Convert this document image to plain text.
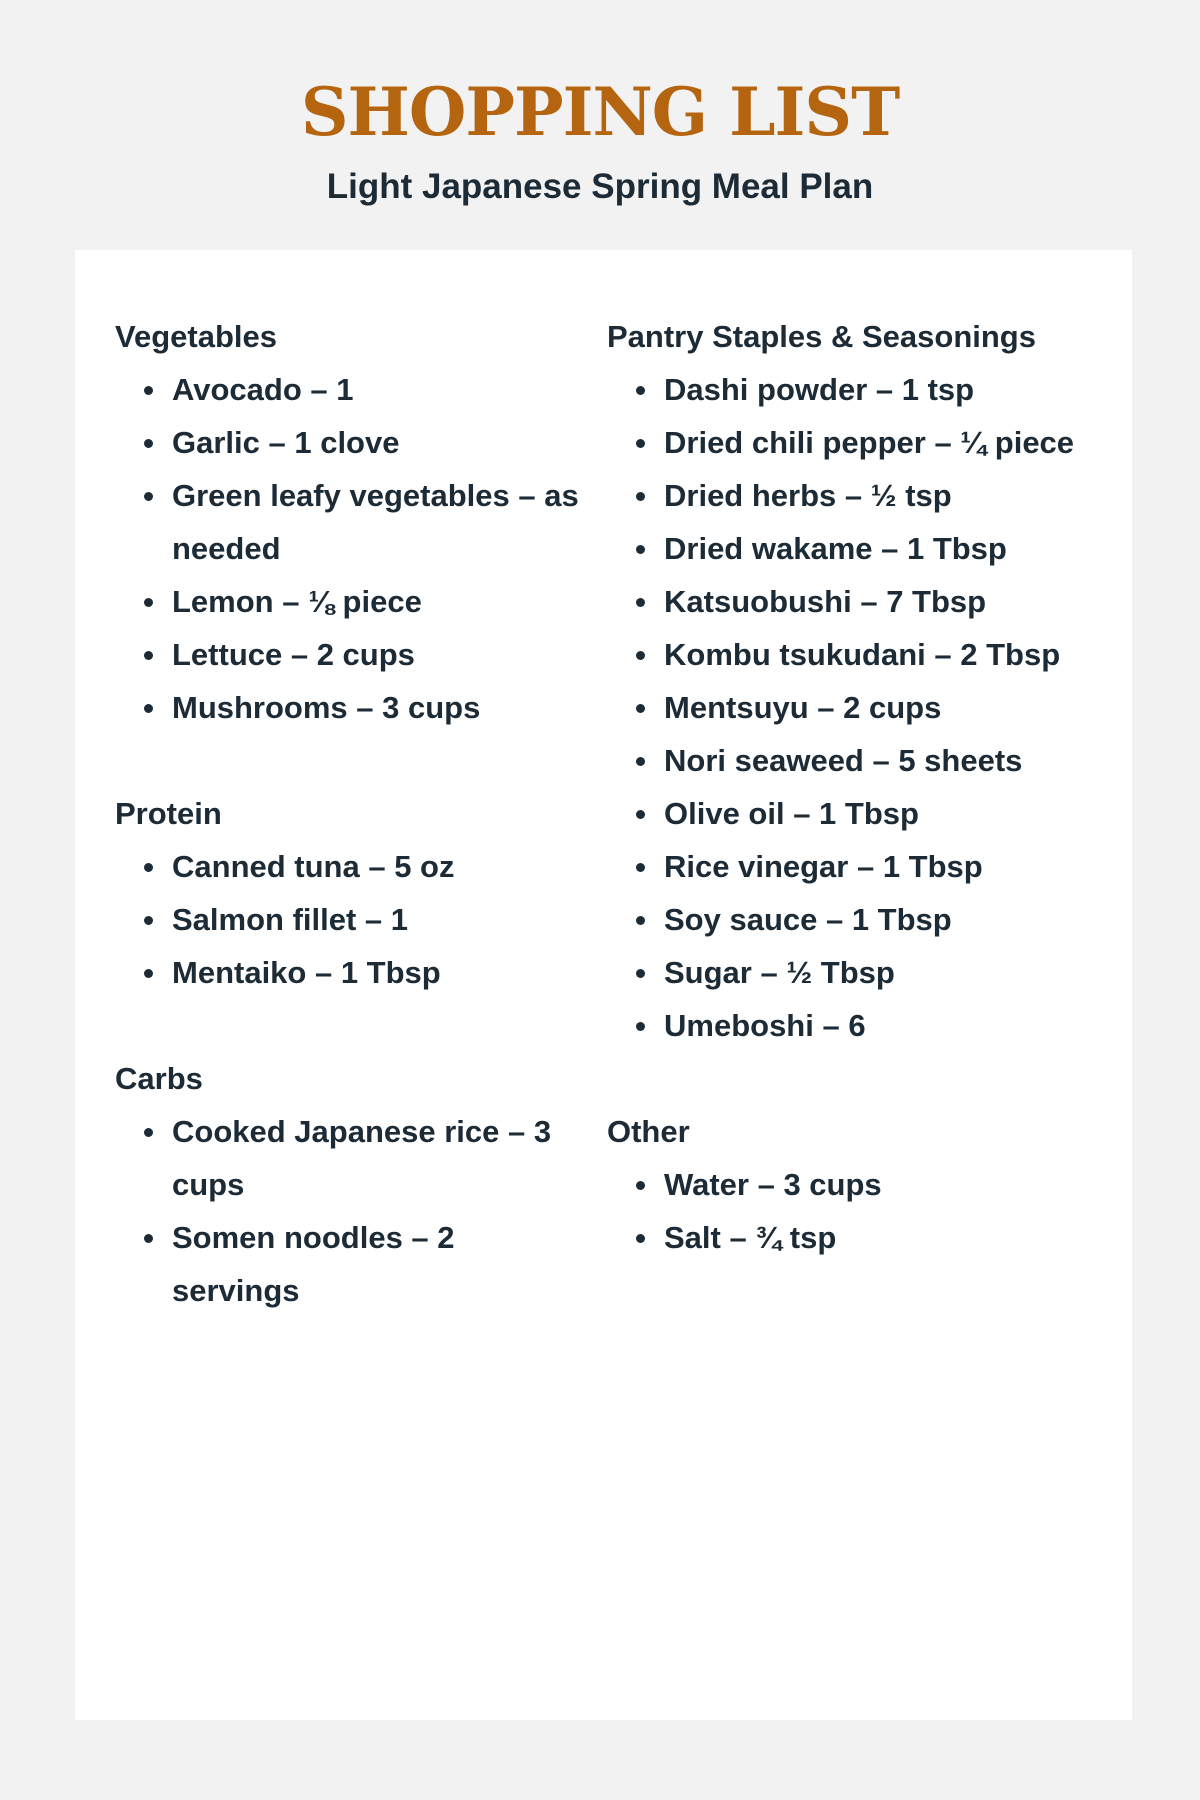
SHOPPING LIST
Light Japanese Spring Meal Plan
Vegetables
Avocado – 1
Garlic – 1 clove
Green leafy vegetables – as needed
Lemon – ⅛ piece
Lettuce – 2 cups
Mushrooms – 3 cups
Protein
Canned tuna – 5 oz
Salmon fillet – 1
Mentaiko – 1 Tbsp
Carbs
Cooked Japanese rice – 3 cups
Somen noodles – 2 servings
Pantry Staples & Seasonings
Dashi powder – 1 tsp
Dried chili pepper – ¼ piece
Dried herbs – ½ tsp
Dried wakame – 1 Tbsp
Katsuobushi – 7 Tbsp
Kombu tsukudani – 2 Tbsp
Mentsuyu – 2 cups
Nori seaweed – 5 sheets
Olive oil – 1 Tbsp
Rice vinegar – 1 Tbsp
Soy sauce – 1 Tbsp
Sugar – ½ Tbsp
Umeboshi – 6
Other
Water – 3 cups
Salt – ¾ tsp
